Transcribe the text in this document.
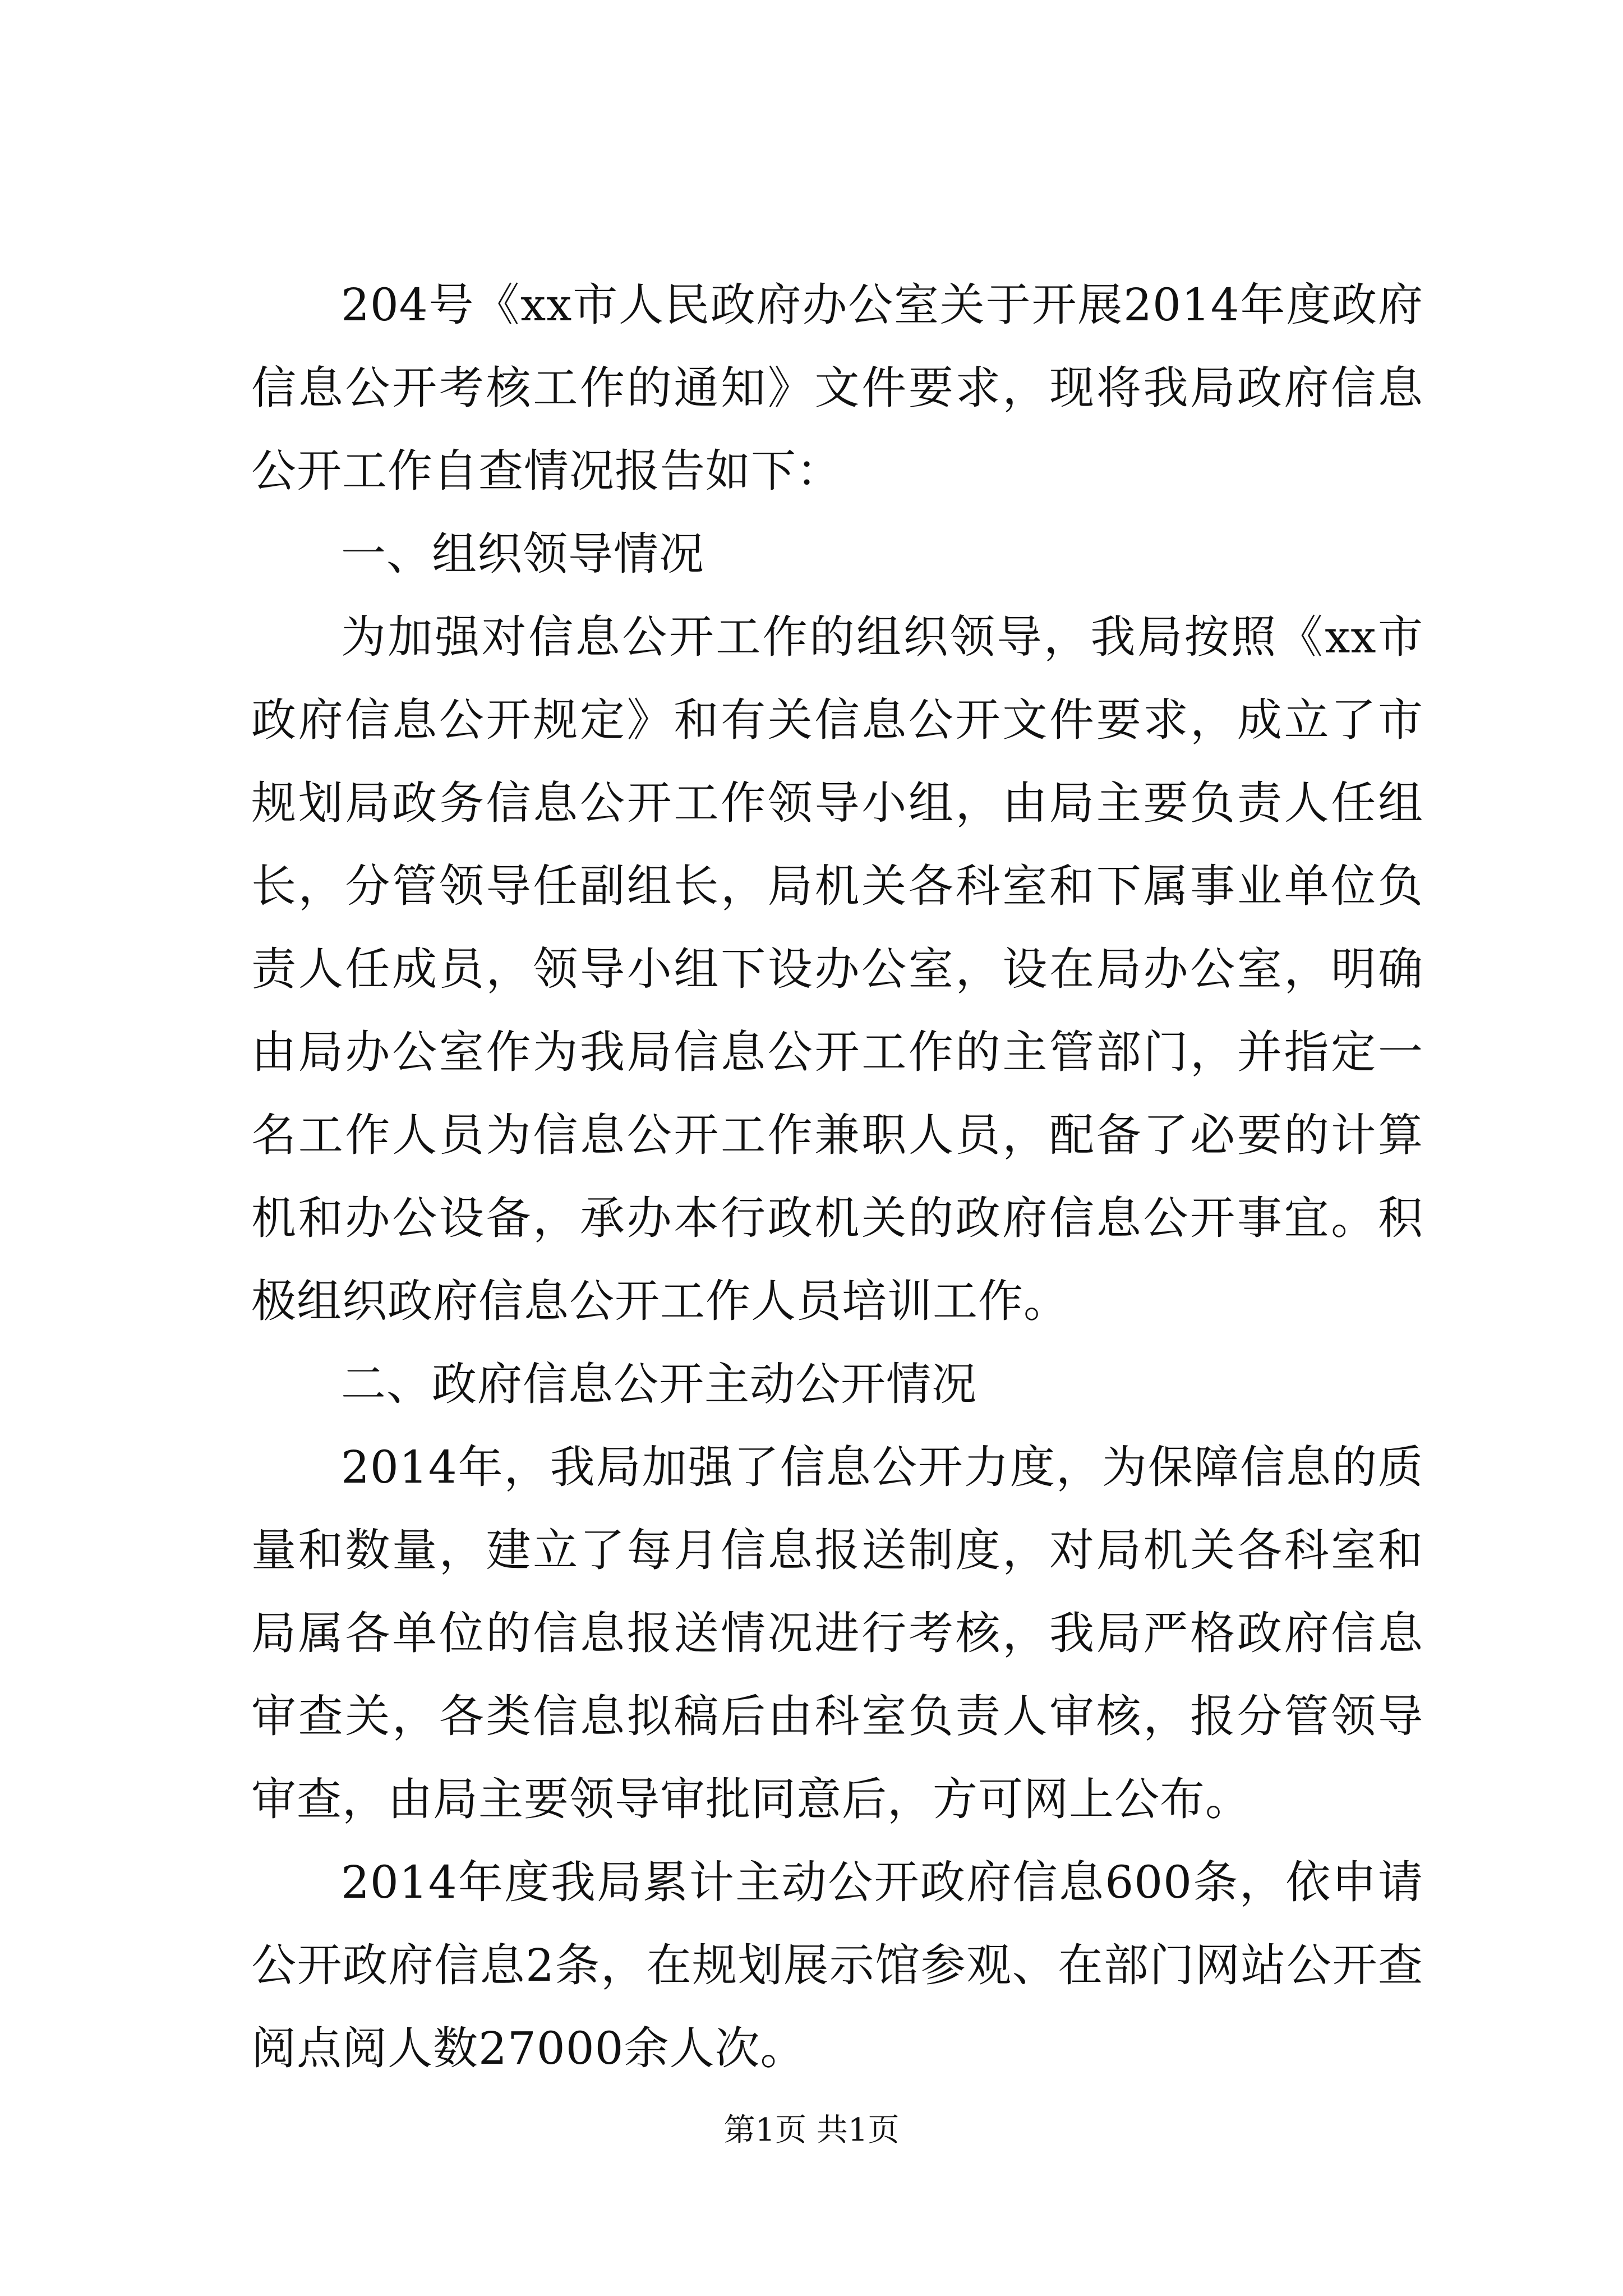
204号《xx市人民政府办公室关于开展2014年度政府信息公开考核工作的通知》文件要求，现将我局政府信息公开工作自查情况报告如下：

一、组织领导情况

为加强对信息公开工作的组织领导，我局按照《xx市政府信息公开规定》和有关信息公开文件要求，成立了市规划局政务信息公开工作领导小组，由局主要负责人任组长，分管领导任副组长，局机关各科室和下属事业单位负责人任成员，领导小组下设办公室，设在局办公室，明确由局办公室作为我局信息公开工作的主管部门，并指定一名工作人员为信息公开工作兼职人员，配备了必要的计算机和办公设备，承办本行政机关的政府信息公开事宜。积极组织政府信息公开工作人员培训工作。

二、政府信息公开主动公开情况

2014年，我局加强了信息公开力度，为保障信息的质量和数量，建立了每月信息报送制度，对局机关各科室和局属各单位的信息报送情况进行考核，我局严格政府信息审查关，各类信息拟稿后由科室负责人审核，报分管领导审查，由局主要领导审批同意后，方可网上公布。

2014年度我局累计主动公开政府信息600条，依申请公开政府信息2条，在规划展示馆参观、在部门网站公开查阅点阅人数27000余人次。

第1页 共1页
